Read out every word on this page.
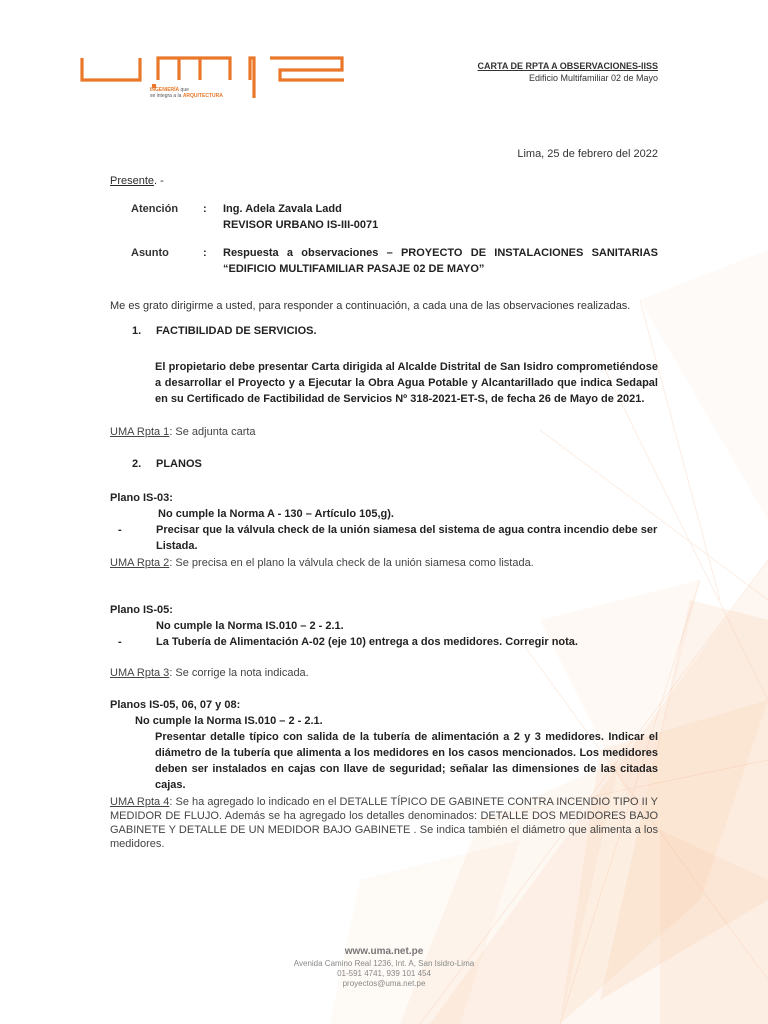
INGENIERÍA que
se integra a la ARQUITECTURA
CARTA DE RPTA A OBSERVACIONES-IISS
Edificio Multifamiliar 02 de Mayo
Lima, 25 de febrero del 2022
Presente. -
Atención : Ing. Adela Zavala Ladd
REVISOR URBANO IS-III-0071
Asunto	: Respuesta a observaciones – PROYECTO DE INSTALACIONES SANITARIAS “EDIFICIO MULTIFAMILIAR PASAJE 02 DE MAYO”
Me es grato dirigirme a usted, para responder a continuación, a cada una de las observaciones realizadas.
1. FACTIBILIDAD DE SERVICIOS.
El propietario debe presentar Carta dirigida al Alcalde Distrital de San Isidro comprometiéndose a desarrollar el Proyecto y a Ejecutar la Obra Agua Potable y Alcantarillado que indica Sedapal en su Certificado de Factibilidad de Servicios Nº 318-2021-ET-S, de fecha 26 de Mayo de 2021.
UMA Rpta 1: Se adjunta carta
2. PLANOS
Plano IS-03:
No cumple la Norma A - 130 – Artículo 105,g).
-	Precisar que la válvula check de la unión siamesa del sistema de agua contra incendio debe ser Listada.
UMA Rpta 2: Se precisa en el plano la válvula check de la unión siamesa como listada.
Plano IS-05:
No cumple la Norma IS.010 – 2 - 2.1.
-	La Tubería de Alimentación A-02 (eje 10) entrega a dos medidores. Corregir nota.
UMA Rpta 3: Se corrige la nota indicada.
Planos IS-05, 06, 07 y 08:
No cumple la Norma IS.010 – 2 - 2.1.
Presentar detalle típico con salida de la tubería de alimentación a 2 y 3 medidores. Indicar el diámetro de la tubería que alimenta a los medidores en los casos mencionados. Los medidores deben ser instalados en cajas con llave de seguridad; señalar las dimensiones de las citadas cajas.
UMA Rpta 4: Se ha agregado lo indicado en el DETALLE TÍPICO DE GABINETE CONTRA INCENDIO TIPO II Y MEDIDOR DE FLUJO. Además se ha agregado los detalles denominados: DETALLE DOS MEDIDORES BAJO GABINETE Y DETALLE DE UN MEDIDOR BAJO GABINETE . Se indica también el diámetro que alimenta a los medidores.
www.uma.net.pe
Avenida Camino Real 1236, Int. A, San Isidro-Lima
01-591 4741, 939 101 454
proyectos@uma.net.pe
